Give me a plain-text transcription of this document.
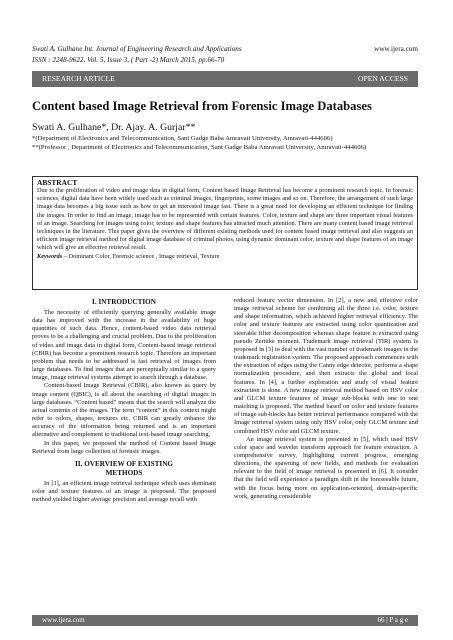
Swati A. Gulhane Int. Journal of Engineering Research and Applications
ISSN : 2248-9622, Vol. 5, Issue 3, ( Part -2) March 2015, pp.66-70
www.ijera.com
RESEARCH ARTICLE	OPEN ACCESS
Content based Image Retrieval from Forensic Image Databases
Swati A. Gulhane*, Dr. Ajay. A. Gurjar**
*(Department of Electronics and Telecommunication, Sant Gadge Baba Amravati University, Amravati-444606)
**(Professor , Department of Electronics and Telecommunication, Sant Gadge Baba Amravati University, Amravati-444606)
ABSTRACT

Due to the proliferation of video and image data in digital form, Content based Image Retrieval has become a prominent research topic. In forensic sciences, digital data have been widely used such as criminal images, fingerprints, scene images and so on. Therefore, the arrangement of such large image data becomes a big issue such as how to get an interested image fast. There is a great need for developing an efficient technique for finding the images. In order to find an image, image has to be represented with certain features. Color, texture and shape are three important visual features of an image. Searching for images using color, texture and shape features has attracted much attention. There are many content based image retrieval techniques in the literature. This paper gives the overview of different existing methods used for content based image retrieval and also suggests an efficient image retrieval method for digital image database of criminal photos, using dynamic dominant color, texture and shape features of an image which will give an effective retrieval result.

Keywords – Dominant Color, Forensic science , Image retrieval, Texture
I. INTRODUCTION

The necessity of efficiently querying generally available image data has improved with the increase in the availability of huge quantities of such data. Hence, content-based video data retrieval proves to be a challenging and crucial problem. Due to the proliferation of video and image data in digital form, Content-based image retrieval (CBIR) has become a prominent research topic. Therefore an important problem that needs to be addressed is fast retrieval of images from large databases. To find images that are perceptually similar to a query image, image retrieval systems attempt to search through a database.

Content-based Image Retrieval (CBIR), also known as query by image content (QBIC), is all about the searching of digital images in large databases. “Content based” means that the search will analyze the actual contents of the images. The term “content” in this context might refer to colors, shapes, textures etc. CBIR can greatly enhance the accuracy of the information being returned and is an important alternative and complement to traditional text-based image searching.

In this paper, we proposed the method of Content based Image Retrieval from large collection of forensic images.

II. OVERVIEW OF EXISTING
METHODS

In [1], an efficient image retrieval technique which uses dominant color and texture features of an image is proposed. The proposed method yielded higher average precision and average recall with

reduced feature vector dimension. In [2], a new and effective color image retrieval scheme for combining all the three i.e. color, texture and shape information, which achieved higher retrieval efficiency. The color and texture features are extracted using color quantization and steerable filter decomposition whereas shape feature is extracted using pseudo Zernike moment. Trademark image retrieval (TIR) system is proposed in [3] to deal with the vast number of trademark images in the trademark registration system. The proposed approach commences with the extraction of edges using the Canny edge detector, performs a shape normalization procedure, and then extracts the global and local features. In [4], a further exploration and study of visual feature extraction is done. A new image retrieval method based on HSV color and GLCM texture features of image sub-blocks with one to one matching is proposed. The method based on color and texture features of image sub-blocks has better retrieval performance compared with the Image retrieval system using only HSV color, only GLCM texture and combined HSV color and GLCM texture.

An image retrieval system is presented in [5], which used HSV color space and wavelet transform approach for feature extraction. A comprehensive survey, highlighting current progress, emerging directions, the spawning of new fields, and methods for evaluation relevant to the field of image retrieval is presented in [6]. It consider that the field will experience a paradigm shift in the foreseeable future, with the focus being more on application-oriented, domain-specific work, generating considerable

www.ijera.com	66 | P a g e
